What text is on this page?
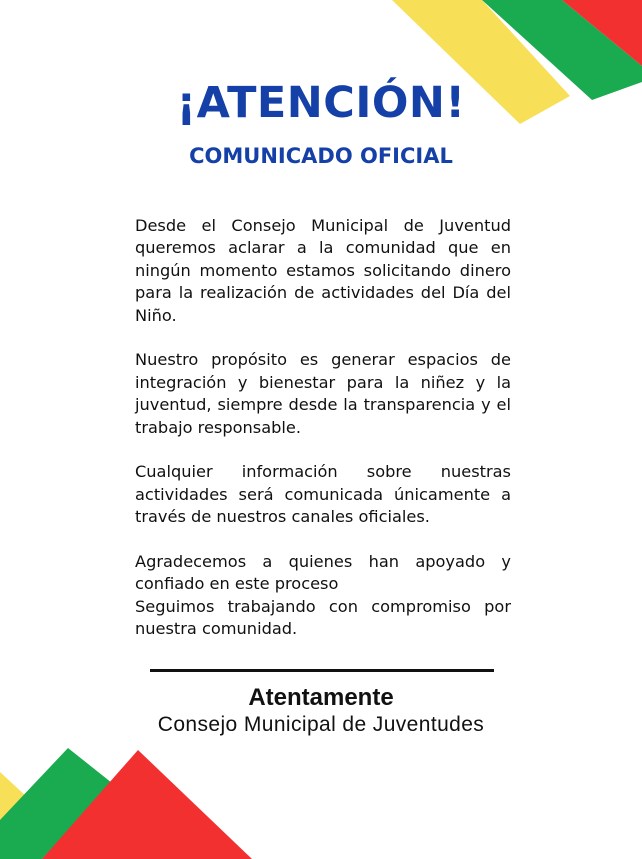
¡ATENCIÓN!
COMUNICADO OFICIAL

Desde el Consejo Municipal de Juventud queremos aclarar a la comunidad que en ningún momento estamos solicitando dinero para la realización de actividades del Día del Niño.

Nuestro propósito es generar espacios de integración y bienestar para la niñez y la juventud, siempre desde la transparencia y el trabajo responsable.

Cualquier información sobre nuestras actividades será comunicada únicamente a través de nuestros canales oficiales.

Agradecemos a quienes han apoyado y confiado en este proceso
Seguimos trabajando con compromiso por nuestra comunidad.

Atentamente
Consejo Municipal de Juventudes
